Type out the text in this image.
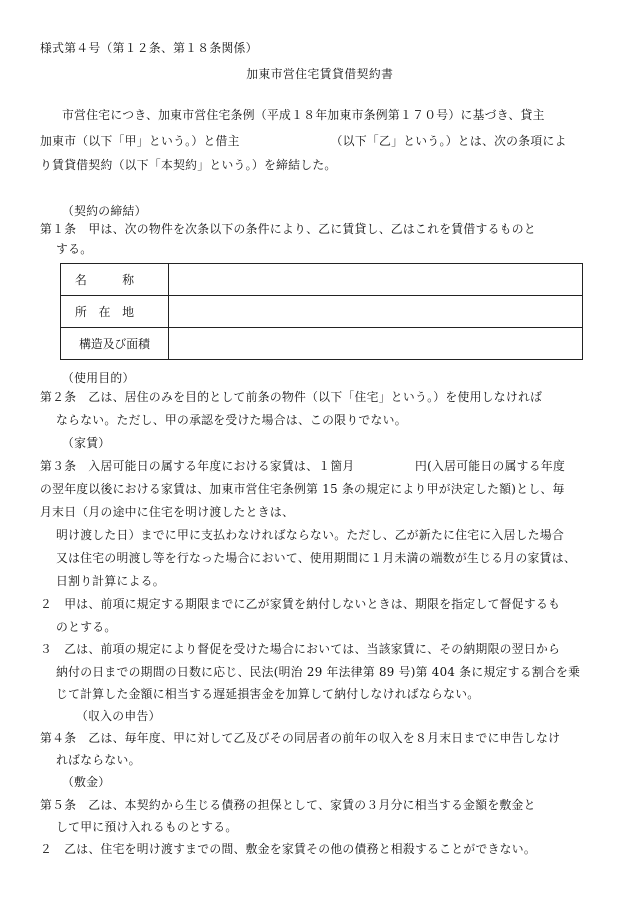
様式第４号（第１２条、第１８条関係）
加東市営住宅賃貸借契約書
市営住宅につき、加東市営住宅条例（平成１８年加東市条例第１７０号）に基づき、貸主
加東市（以下「甲」という。）と借主　　　　　　　　（以下「乙」という。）とは、次の条項によ
り賃貸借契約（以下「本契約」という。）を締結した。
（契約の締結）
第１条　甲は、次の物件を次条以下の条件により、乙に賃貸し、乙はこれを賃借するものと
する。
名　　　称	

所　在　地	

構造及び面積	

（使用目的）
第２条　乙は、居住のみを目的として前条の物件（以下「住宅」という。）を使用しなければ
ならない。ただし、甲の承認を受けた場合は、この限りでない。
（家賃）
第３条　入居可能日の属する年度における家賃は、１箇月　　　　　円(入居可能日の属する年度
の翌年度以後における家賃は、加東市営住宅条例第 15 条の規定により甲が決定した額)とし、毎
月末日（月の途中に住宅を明け渡したときは、
明け渡した日）までに甲に支払わなければならない。ただし、乙が新たに住宅に入居した場合
又は住宅の明渡し等を行なった場合において、使用期間に１月未満の端数が生じる月の家賃は、
日割り計算による。
２　甲は、前項に規定する期限までに乙が家賃を納付しないときは、期限を指定して督促するも
のとする。
３　乙は、前項の規定により督促を受けた場合においては、当該家賃に、その納期限の翌日から
納付の日までの期間の日数に応じ、民法(明治 29 年法律第 89 号)第 404 条に規定する割合を乗
じて計算した金額に相当する遅延損害金を加算して納付しなければならない。
（収入の申告）
第４条　乙は、毎年度、甲に対して乙及びその同居者の前年の収入を８月末日までに申告しなけ
ればならない。
（敷金）
第５条　乙は、本契約から生じる債務の担保として、家賃の３月分に相当する金額を敷金と
して甲に預け入れるものとする。
２　乙は、住宅を明け渡すまでの間、敷金を家賃その他の債務と相殺することができない。
